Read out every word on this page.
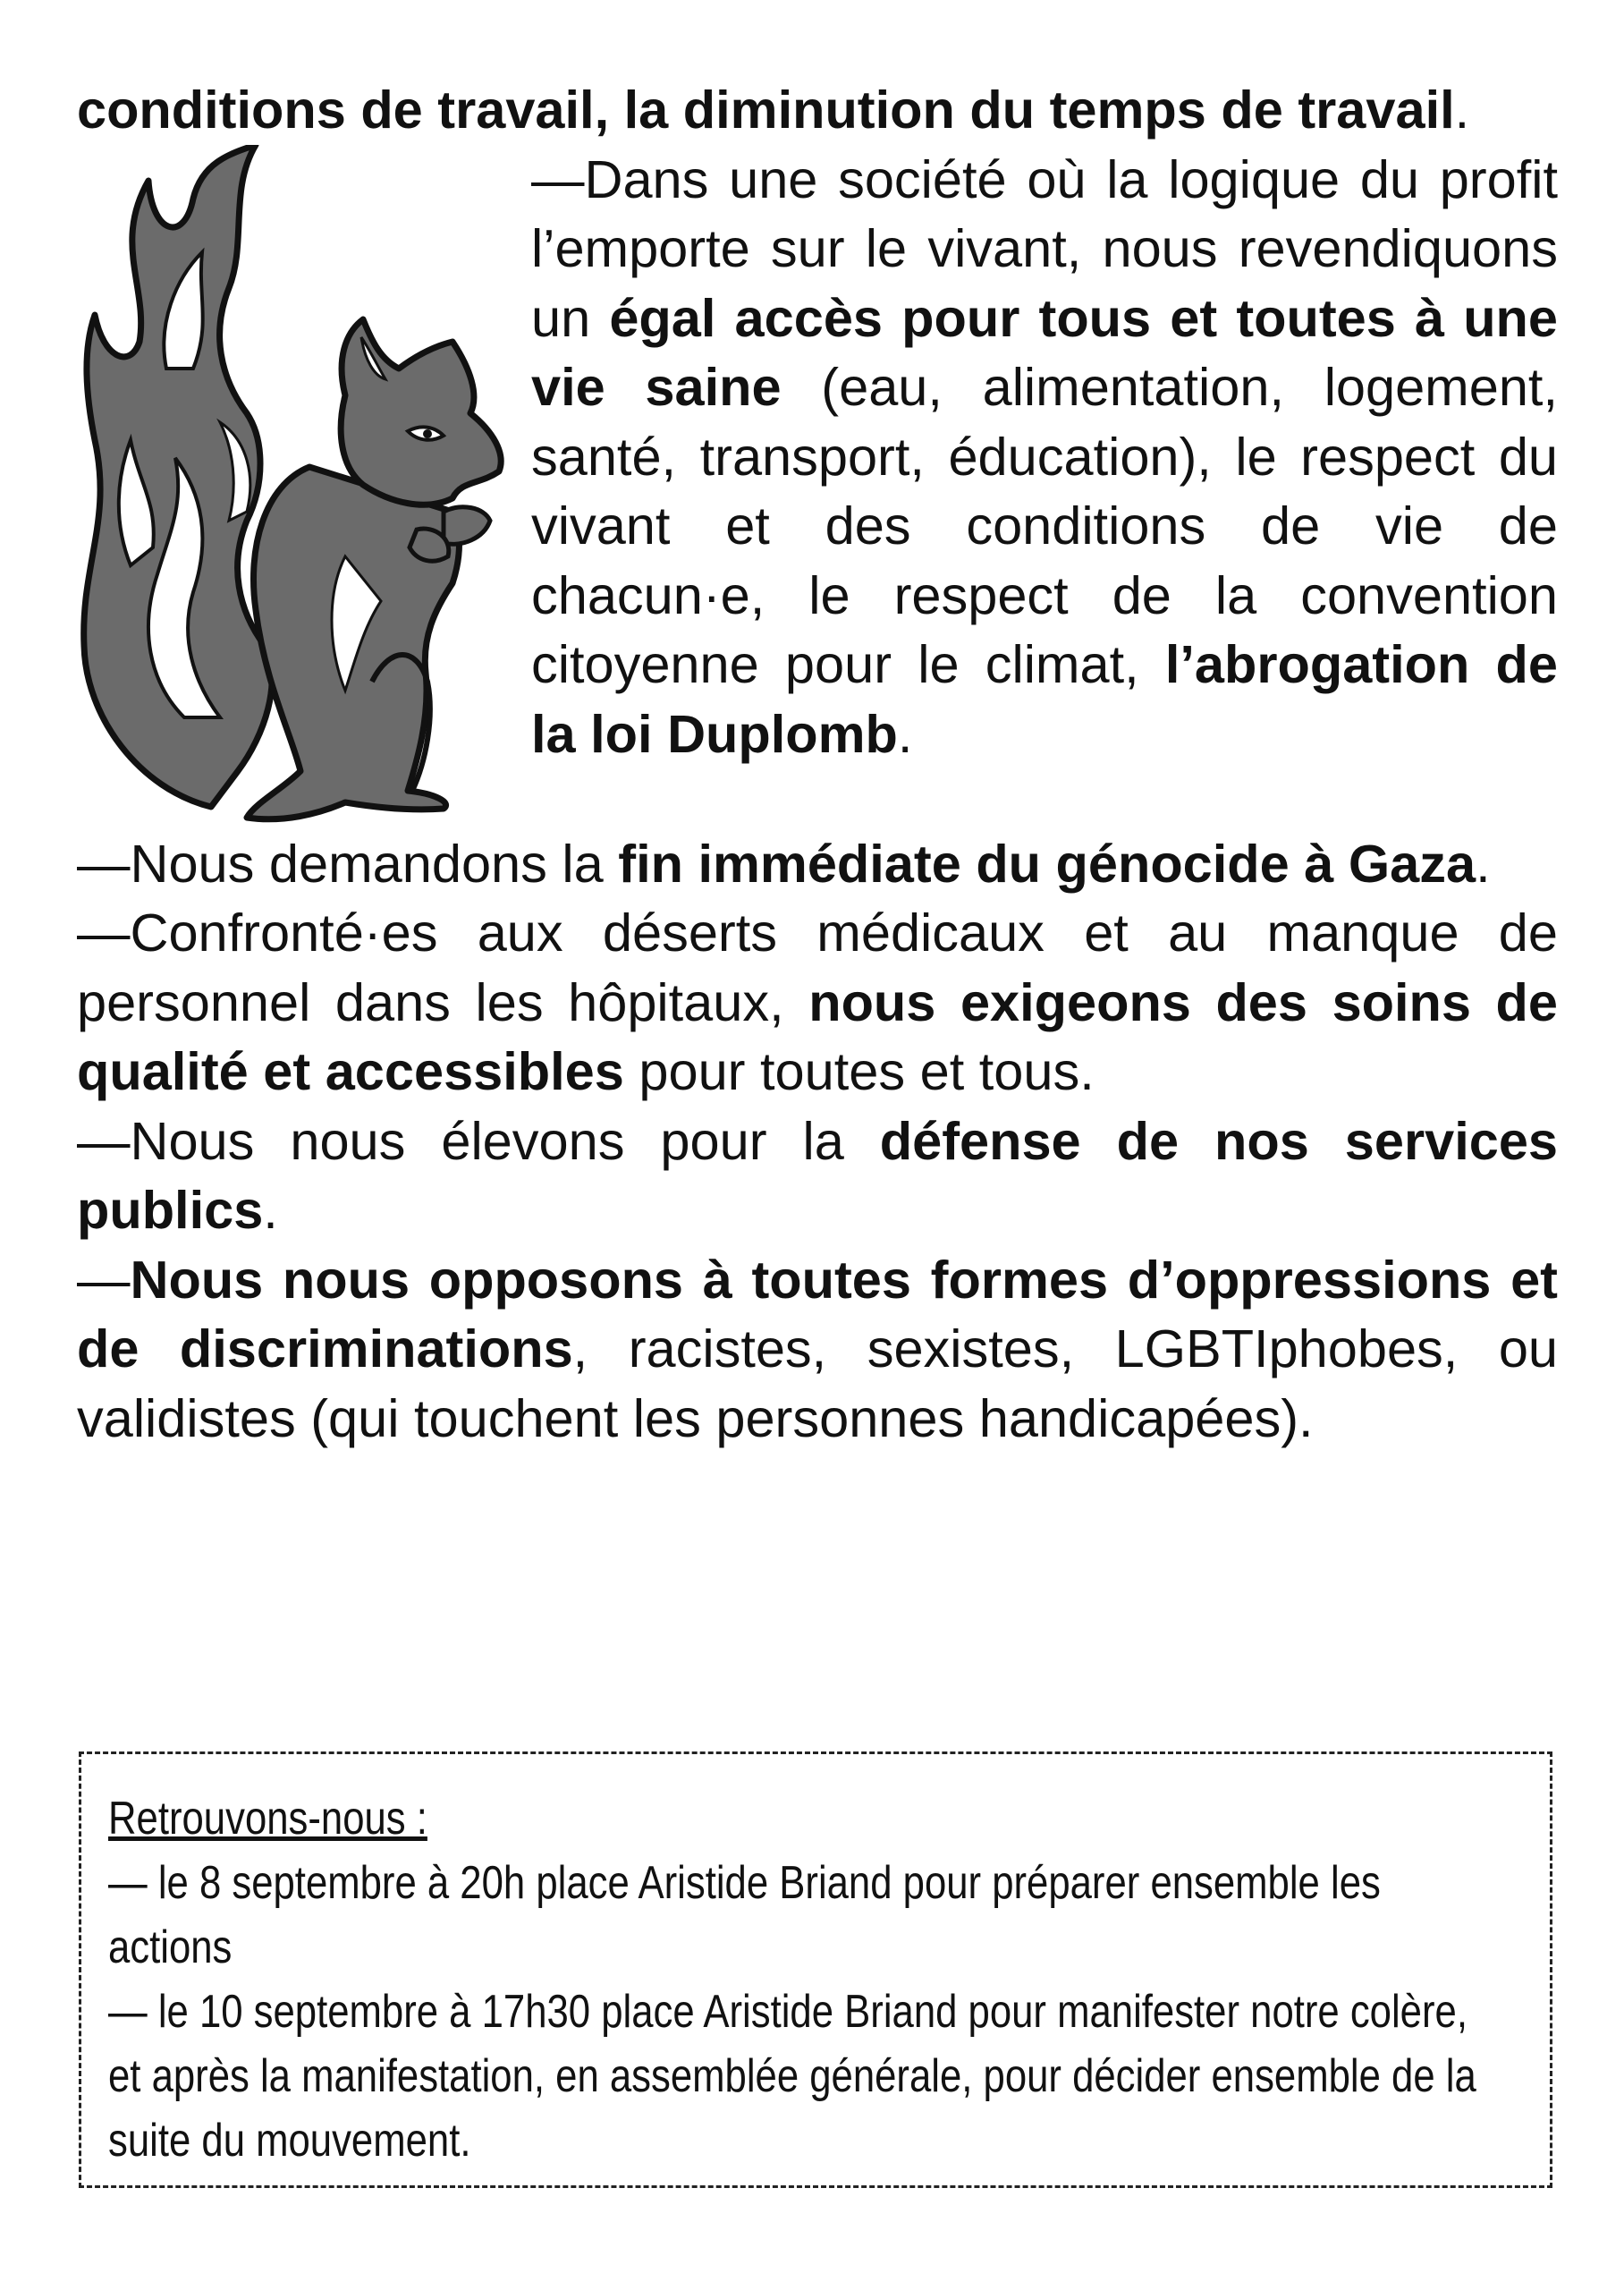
conditions de travail, la diminution du temps de travail.

—Dans une société où la logique du profit l’emporte sur le vivant, nous revendiquons un égal accès pour tous et toutes à une vie saine (eau, alimentation, logement, santé, transport, éducation), le respect du vivant et des conditions de vie de chacun·e, le respect de la convention citoyenne pour le climat, l’abrogation de la loi Duplomb.

—Nous demandons la fin immédiate du génocide à Gaza.

—Confronté·es aux déserts médicaux et au manque de personnel dans les hôpitaux, nous exigeons des soins de qualité et accessibles pour toutes et tous.

—Nous nous élevons pour la défense de nos services publics.

—Nous nous opposons à toutes formes d’oppressions et de discriminations, racistes, sexistes, LGBTIphobes, ou validistes (qui touchent les personnes handicapées).

Retrouvons-nous :

— le 8 septembre à 20h place Aristide Briand pour préparer ensemble les actions

— le 10 septembre à 17h30 place Aristide Briand pour manifester notre colère, et après la manifestation, en assemblée générale, pour décider ensemble de la suite du mouvement.
